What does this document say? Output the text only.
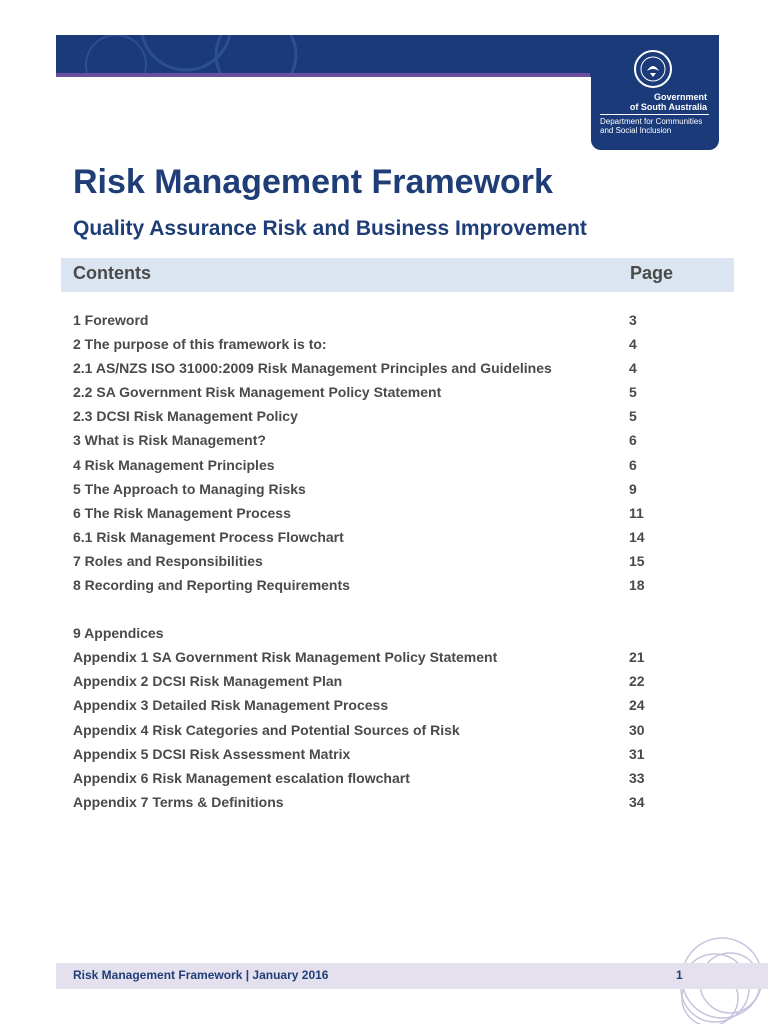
Government
of South Australia
Department for Communities
and Social Inclusion
Risk Management Framework
Quality Assurance Risk and Business Improvement
Contents	Page
1 Foreword	3
2 The purpose of this framework is to:	4
2.1 AS/NZS ISO 31000:2009 Risk Management Principles and Guidelines	4
2.2 SA Government Risk Management Policy Statement	5
2.3 DCSI Risk Management Policy	5
3 What is Risk Management?	6
4 Risk Management Principles	6
5 The Approach to Managing Risks	9
6 The Risk Management Process	11
6.1 Risk Management Process Flowchart	14
7 Roles and Responsibilities	15
8 Recording and Reporting Requirements	18
9 Appendices
Appendix 1 SA Government Risk Management Policy Statement	21
Appendix 2 DCSI Risk Management Plan	22
Appendix 3 Detailed Risk Management Process	24
Appendix 4 Risk Categories and Potential Sources of Risk	30
Appendix 5 DCSI Risk Assessment Matrix	31
Appendix 6 Risk Management escalation flowchart	33
Appendix 7 Terms & Definitions	34
Risk Management Framework | January 2016	1
